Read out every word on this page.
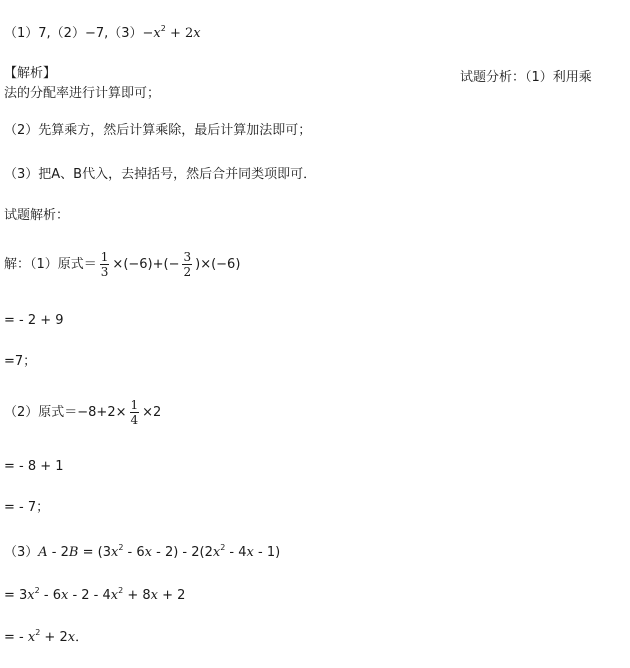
$(1)7,(2)-7,(3)-x^2 + 2x$
【解析】	试题分析：（1）利用乘
法的分配率进行计算即可；
（2）先算乘方，然后计算乘除，最后计算加法即可；
（3）把A、B代入，去掉括号，然后合并同类项即可．
试题解析：
解：（1）原式＝ $\frac{1}{3} \times(-6)+(- \frac{3}{2} )\times(-6)$
= - 2 + 9
=7；
（2）原式$=-8+2\times \frac{1}{4} \times 2$
= - 8 + 1
= - 7；
$(3)A - 2B = (3x^2 - 6x - 2) - 2(2x^2 - 4x - 1)$
= $3x^2 - 6x - 2 - 4x^2 + 8x + 2$
= - $x^2 + 2x$．
